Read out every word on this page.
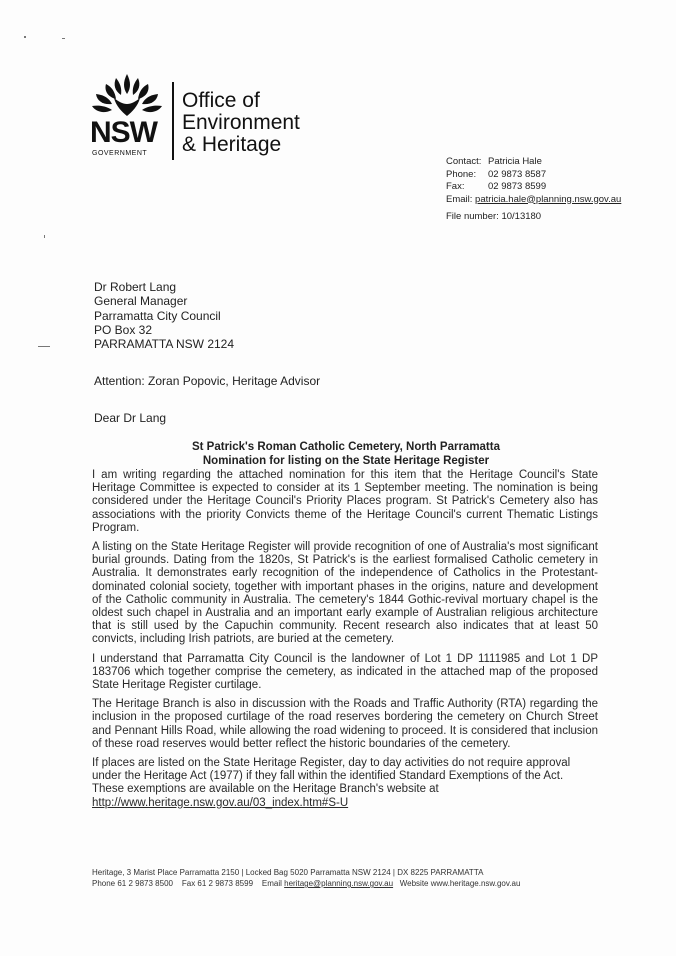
NSW
GOVERNMENT
Office of
Environment
& Heritage
Contact: Patricia Hale
Phone: 02 9873 8587
Fax: 02 9873 8599
Email: patricia.hale@planning.nsw.gov.au
File number: 10/13180
Dr Robert Lang
General Manager
Parramatta City Council
PO Box 32
PARRAMATTA NSW 2124
Attention: Zoran Popovic, Heritage Advisor
Dear Dr Lang
St Patrick's Roman Catholic Cemetery, North Parramatta
Nomination for listing on the State Heritage Register

I am writing regarding the attached nomination for this item that the Heritage Council's State Heritage Committee is expected to consider at its 1 September meeting. The nomination is being considered under the Heritage Council's Priority Places program. St Patrick's Cemetery also has associations with the priority Convicts theme of the Heritage Council's current Thematic Listings Program.

A listing on the State Heritage Register will provide recognition of one of Australia's most significant burial grounds. Dating from the 1820s, St Patrick's is the earliest formalised Catholic cemetery in Australia. It demonstrates early recognition of the independence of Catholics in the Protestant-dominated colonial society, together with important phases in the origins, nature and development of the Catholic community in Australia. The cemetery's 1844 Gothic-revival mortuary chapel is the oldest such chapel in Australia and an important early example of Australian religious architecture that is still used by the Capuchin community. Recent research also indicates that at least 50 convicts, including Irish patriots, are buried at the cemetery.

I understand that Parramatta City Council is the landowner of Lot 1 DP 1111985 and Lot 1 DP 183706 which together comprise the cemetery, as indicated in the attached map of the proposed State Heritage Register curtilage.

The Heritage Branch is also in discussion with the Roads and Traffic Authority (RTA) regarding the inclusion in the proposed curtilage of the road reserves bordering the cemetery on Church Street and Pennant Hills Road, while allowing the road widening to proceed. It is considered that inclusion of these road reserves would better reflect the historic boundaries of the cemetery.

If places are listed on the State Heritage Register, day to day activities do not require approval under the Heritage Act (1977) if they fall within the identified Standard Exemptions of the Act. These exemptions are available on the Heritage Branch's website at
http://www.heritage.nsw.gov.au/03_index.htm#S-U

Heritage, 3 Marist Place Parramatta 2150 | Locked Bag 5020 Parramatta NSW 2124 | DX 8225 PARRAMATTA
Phone 61 2 9873 8500    Fax 61 2 9873 8599    Email heritage@planning.nsw.gov.au   Website www.heritage.nsw.gov.au
